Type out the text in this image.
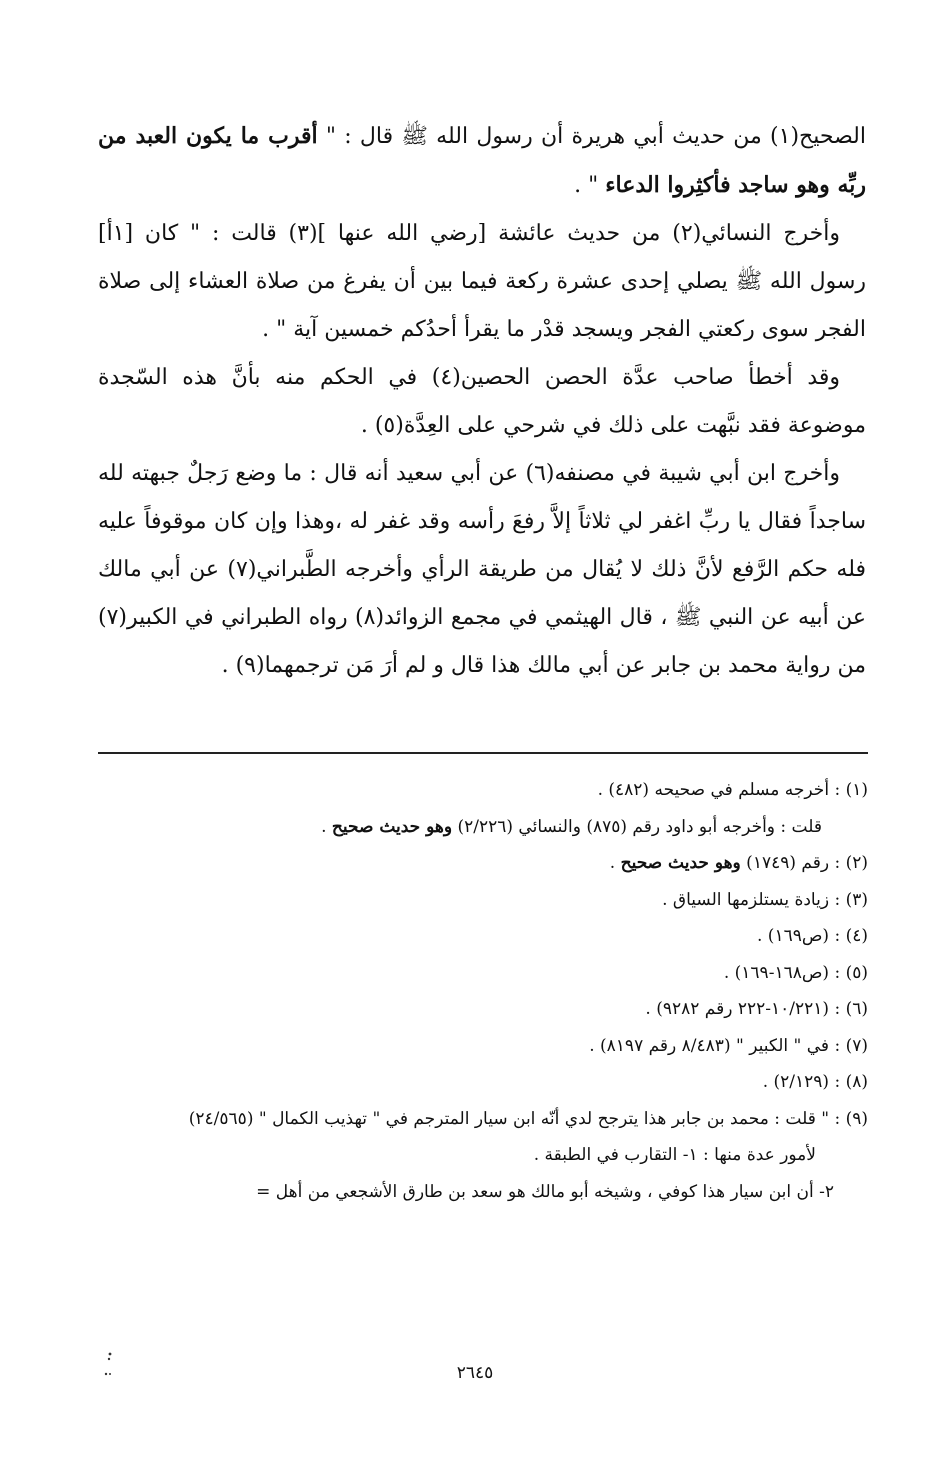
الصحيح(١) من حديث أبي هريرة أن رسول الله ﷺ قال : " أقرب ما يكون العبد من ربِّه وهو ساجد فأكثِروا الدعاء " .

وأخرج النسائي(٢) من حديث عائشة [رضي الله عنها ](٣) قالت : " كان [١أ] رسول الله ﷺ يصلي إحدى عشرة ركعة فيما بين أن يفرغ من صلاة العشاء إلى صلاة الفجر سوى ركعتي الفجر ويسجد قدْر ما يقرأ أحدُكم خمسين آية " .

وقد أخطأ صاحب عدَّة الحصن الحصين(٤) في الحكم منه بأنَّ هذه السّجدة موضوعة فقد نبَّهت على ذلك في شرحي على العِدَّة(٥) .

وأخرج ابن أبي شيبة في مصنفه(٦) عن أبي سعيد أنه قال : ما وضع رَجلٌ جبهته لله ساجداً فقال يا ربِّ اغفر لي ثلاثاً إلاَّ رفعَ رأسه وقد غفر له ،وهذا وإن كان موقوفاً عليه فله حكم الرَّفع لأنَّ ذلك لا يُقال من طريقة الرأي وأخرجه الطَّبراني(٧) عن أبي مالك عن أبيه عن النبي ﷺ ، قال الهيثمي في مجمع الزوائد(٨) رواه الطبراني في الكبير(٧) من رواية محمد بن جابر عن أبي مالك هذا قال و لم أرَ مَن ترجمهما(٩) .

(١) : أخرجه مسلم في صحيحه (٤٨٢) .
قلت : وأخرجه أبو داود رقم (٨٧٥) والنسائي (٢/٢٢٦) وهو حديث صحيح .
(٢) : رقم (١٧٤٩) وهو حديث صحيح .
(٣) : زيادة يستلزمها السياق .
(٤) : (ص١٦٩) .
(٥) : (ص١٦٨-١٦٩) .
(٦) : (١٠/٢٢١-٢٢٢ رقم ٩٢٨٢) .
(٧) : في " الكبير " (٨/٤٨٣ رقم ٨١٩٧) .
(٨) : (٢/١٢٩) .
(٩) : " قلت : محمد بن جابر هذا يترجح لدي أنّه ابن سيار المترجم في " تهذيب الكمال " (٢٤/٥٦٥)
لأمور عدة منها : ١- التقارب في الطبقة .
٢- أن ابن سيار هذا كوفي ، وشيخه أبو مالك هو سعد بن طارق الأشجعي من أهل =
٢٦٤٥
